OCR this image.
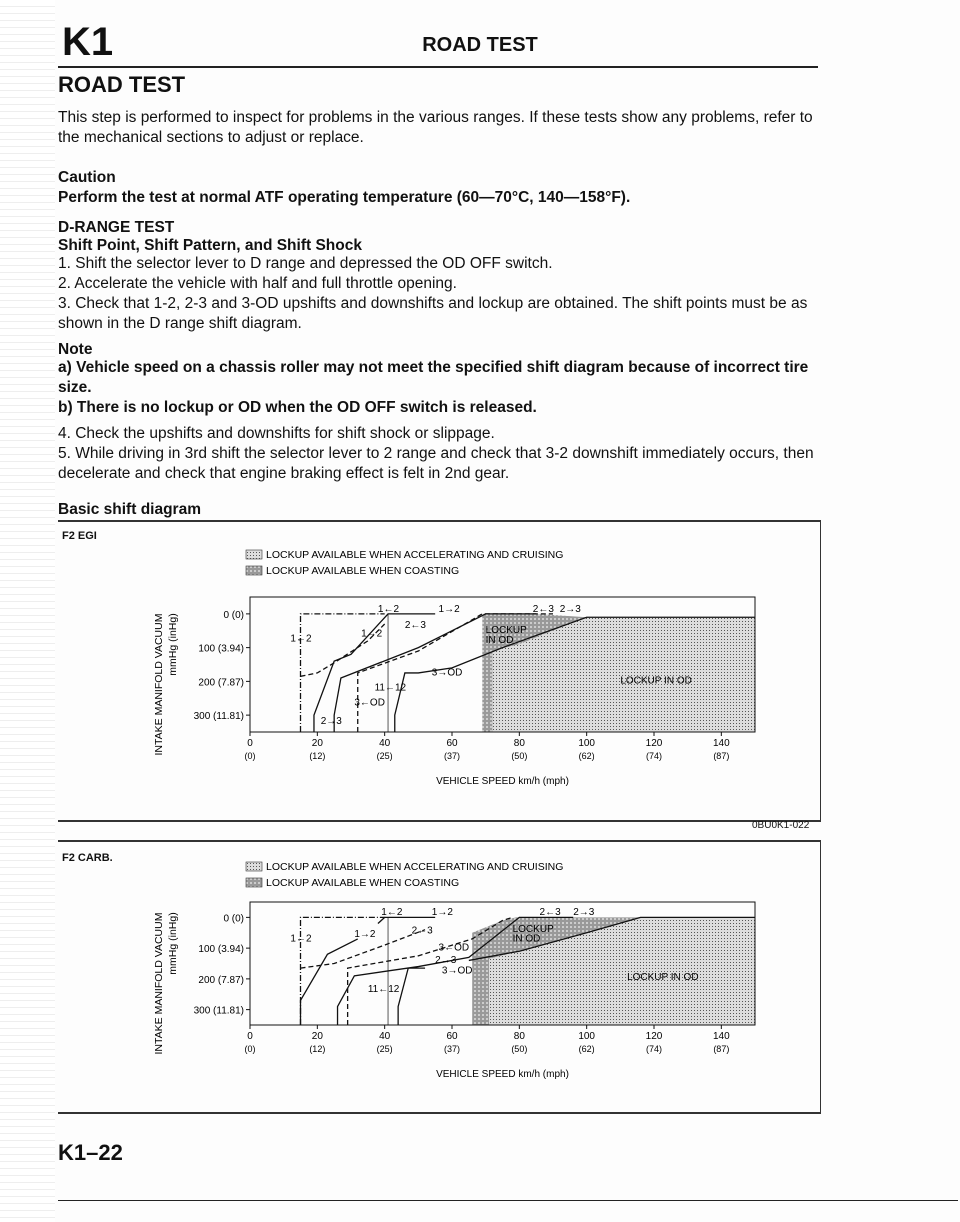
K1	ROAD TEST
ROAD TEST
This step is performed to inspect for problems in the various ranges. If these tests show any problems, refer to the mechanical sections to adjust or replace.
Caution
Perform the test at normal ATF operating temperature (60—70°C, 140—158°F).
D-RANGE TEST
Shift Point, Shift Pattern, and Shift Shock
1. Shift the selector lever to D range and depressed the OD OFF switch.
2. Accelerate the vehicle with half and full throttle opening.
3. Check that 1-2, 2-3 and 3-OD upshifts and downshifts and lockup are obtained. The shift points must be as shown in the D range shift diagram.
Note
a) Vehicle speed on a chassis roller may not meet the specified shift diagram because of incorrect tire size.
b) There is no lockup or OD when the OD OFF switch is released.
4. Check the upshifts and downshifts for shift shock or slippage.
5. While driving in 3rd shift the selector lever to 2 range and check that 3-2 downshift immediately occurs, then decelerate and check that engine braking effect is felt in 2nd gear.
Basic shift diagram
F2 EGI
LOCKUP AVAILABLE WHEN ACCELERATING AND CRUISING
LOCKUP AVAILABLE WHEN COASTING
1←2	1→2	2←3 2→3
1←2	1→2
2←3
3→OD
11←12
3←OD
2→3
LOCKUP
IN OD
LOCKUP IN OD
0
(0)
20
(12)
40
(25)
60
(37)
80
(50)
100
(62)
120
(74)
140
(87)
0 (0)
100 (3.94)
200 (7.87)
300 (11.81)
VEHICLE SPEED km/h (mph)
INTAKE MANIFOLD VACUUM mmHg (inHg)
0BU0K1-022
F2 CARB.
LOCKUP AVAILABLE WHEN ACCELERATING AND CRUISING
LOCKUP AVAILABLE WHEN COASTING
1←2	1→2	2←3 2→3
1←2	1→2	2←3
3←OD
2→3
3→OD
11←12
LOCKUP
IN OD
LOCKUP IN OD
0
(0)
20
(12)
40
(25)
60
(37)
80
(50)
100
(62)
120
(74)
140
(87)
0 (0)
100 (3.94)
200 (7.87)
300 (11.81)
VEHICLE SPEED km/h (mph)
INTAKE MANIFOLD VACUUM mmHg (inHg)
K1–22
